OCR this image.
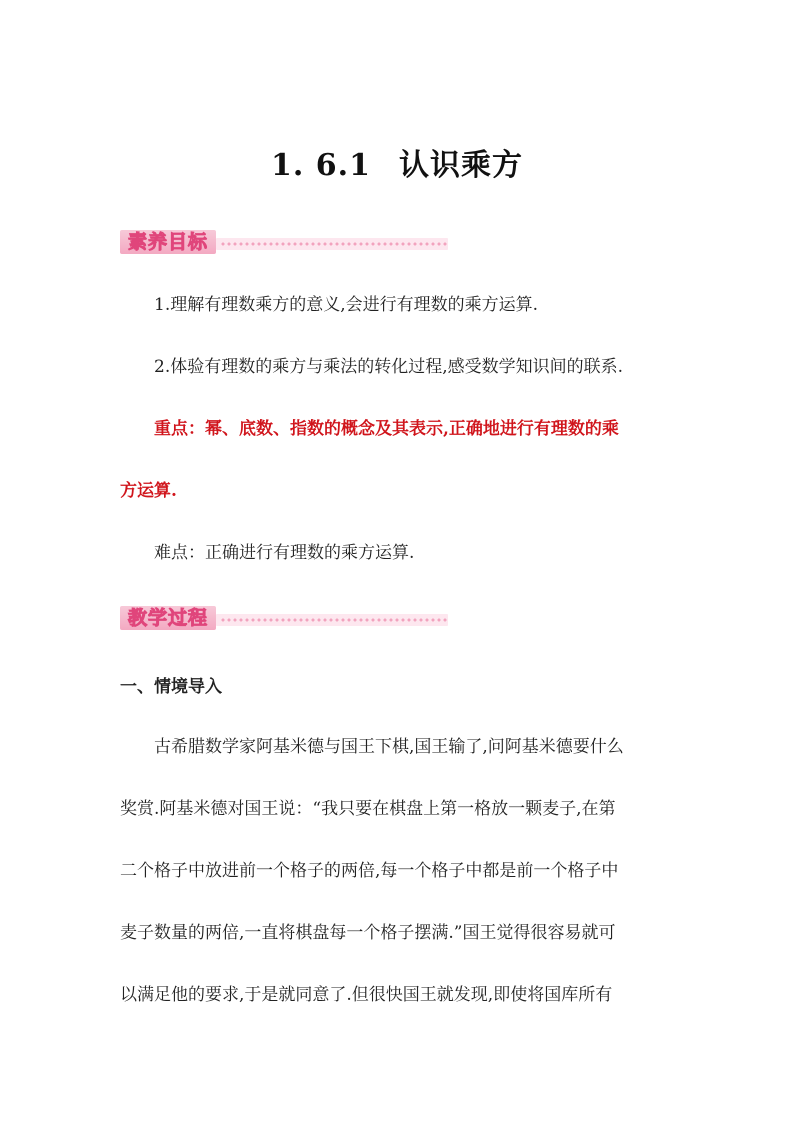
1. 6.1 认识乘方
素养目标
1.理解有理数乘方的意义,会进行有理数的乘方运算.
2.体验有理数的乘方与乘法的转化过程,感受数学知识间的联系.
重点：幂、底数、指数的概念及其表示,正确地进行有理数的乘
方运算.
难点：正确进行有理数的乘方运算.
教学过程
一、情境导入
古希腊数学家阿基米德与国王下棋,国王输了,问阿基米德要什么
奖赏.阿基米德对国王说：“我只要在棋盘上第一格放一颗麦子,在第
二个格子中放进前一个格子的两倍,每一个格子中都是前一个格子中
麦子数量的两倍,一直将棋盘每一个格子摆满.”国王觉得很容易就可
以满足他的要求,于是就同意了.但很快国王就发现,即使将国库所有
